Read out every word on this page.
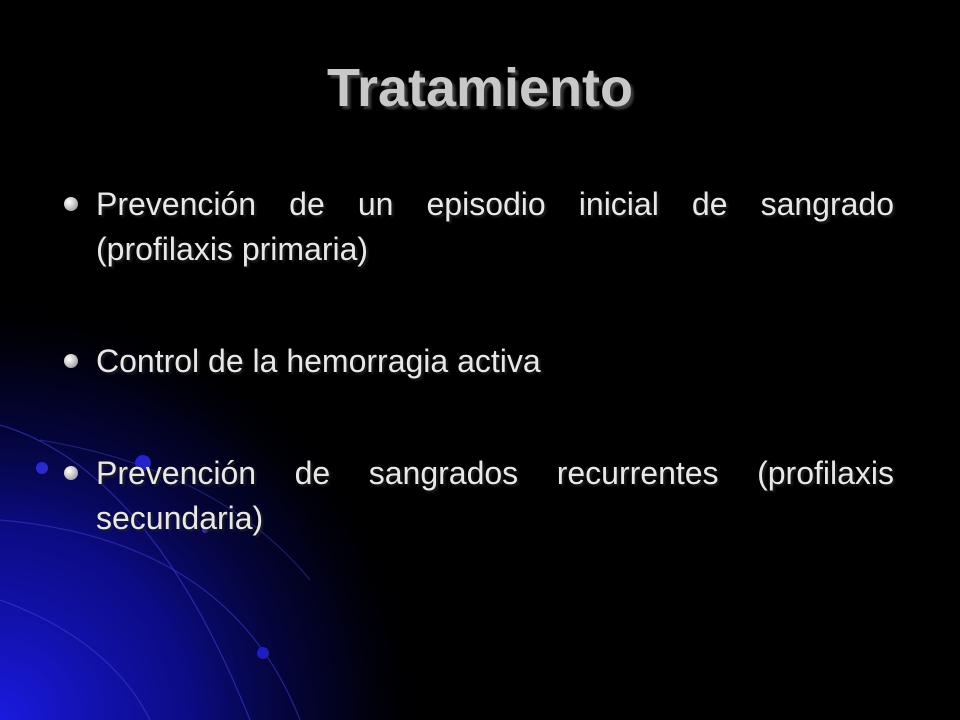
Tratamiento
Prevención de un episodio inicial de sangrado (profilaxis primaria)
Control de la hemorragia activa
Prevención de sangrados recurrentes (profilaxis secundaria)
